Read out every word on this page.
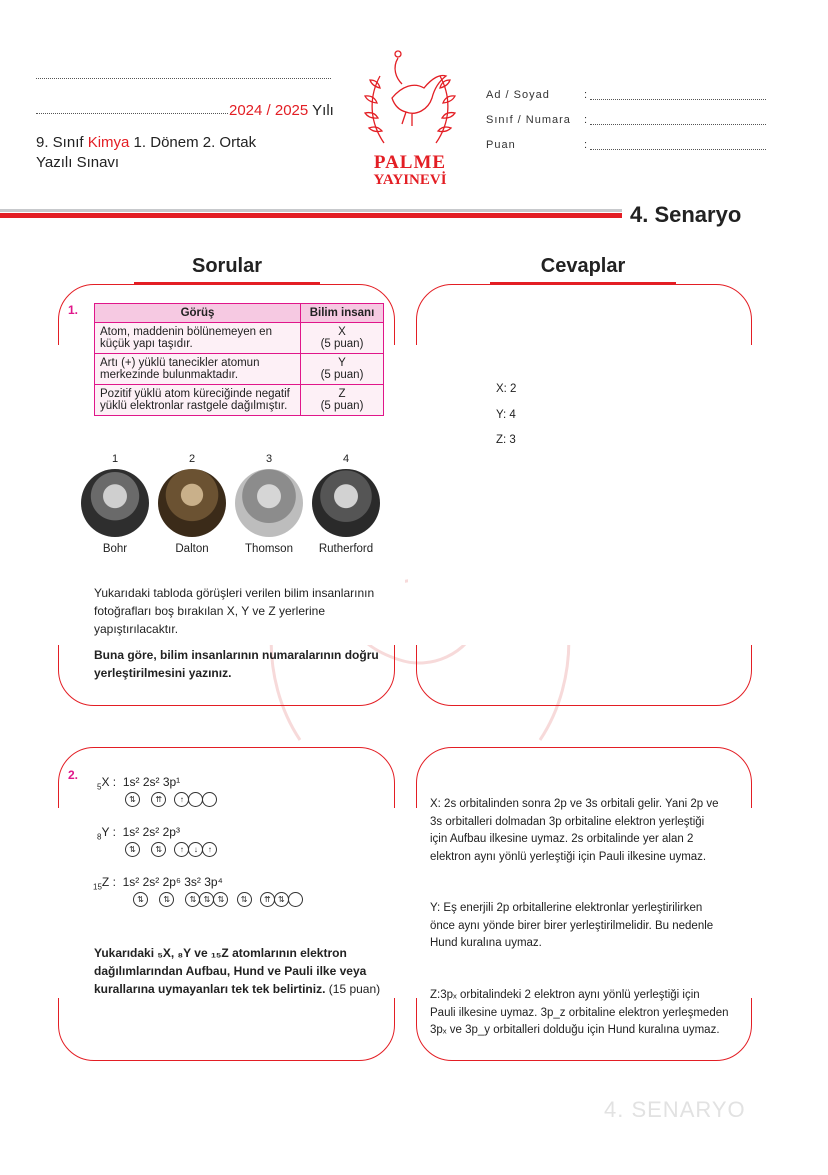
2024 / 2025 Yılı
9. Sınıf Kimya 1. Dönem 2. Ortak
Yazılı Sınavı	PALME
YAYINEVİ
Ad / Soyad	:
Sınıf / Numara :
Puan	:
4. Senaryo
Sorular	Cevaplar
1.	Görüş	Bilim insanı
Atom, maddenin bölünemeyen en
küçük yapı taşıdır.	X
(5 puan)
Artı (+) yüklü tanecikler atomun
merkezinde bulunmaktadır.	Y
(5 puan)
Pozitif yüklü atom küreciğinde negatif
yüklü elektronlar rastgele dağılmıştır.	Z
(5 puan)
1	2	3	4
Bohr	Dalton	Thomson	Rutherford
Yukarıdaki tabloda görüşleri verilen bilim insanlarının
fotoğrafları boş bırakılan X, Y ve Z yerlerine
yapıştırılacaktır.
Buna göre, bilim insanlarının numaralarının doğru
yerleştirilmesini yazınız.
X: 2
Y: 4
Z: 3
2.
$_5$X :  1s² 2s² 3p¹
⇅ ⇈ ↑
$_8$Y :  1s² 2s² 2p³
⇅ ⇅ ↑ ↓ ↑
$_{15}$Z :  1s² 2s² 2p⁶ 3s² 3p⁴
⇅ ⇅ ⇅ ⇅ ⇅ ⇅ ⇈ ⇅
Yukarıdaki ₅X, ₈Y ve ₁₅Z atomlarının elektron
dağılımlarından Aufbau, Hund ve Pauli ilke veya
kurallarına uymayanları tek tek belirtiniz. (15 puan)
X: 2s orbitalinden sonra 2p ve 3s orbitali gelir. Yani 2p ve
3s orbitalleri dolmadan 3p orbitaline elektron yerleştiği
için Aufbau ilkesine uymaz. 2s orbitalinde yer alan 2
elektron aynı yönlü yerleştiği için Pauli ilkesine uymaz.
Y: Eş enerjili 2p orbitallerine elektronlar yerleştirilirken
önce aynı yönde birer birer yerleştirilmelidir. Bu nedenle
Hund kuralına uymaz.
Z:3pₓ orbitalindeki 2 elektron aynı yönlü yerleştiği için
Pauli ilkesine uymaz. 3p_z orbitaline elektron yerleşmeden
3pₓ ve 3p_y orbitalleri dolduğu için Hund kuralına uymaz.
4. SENARYO
